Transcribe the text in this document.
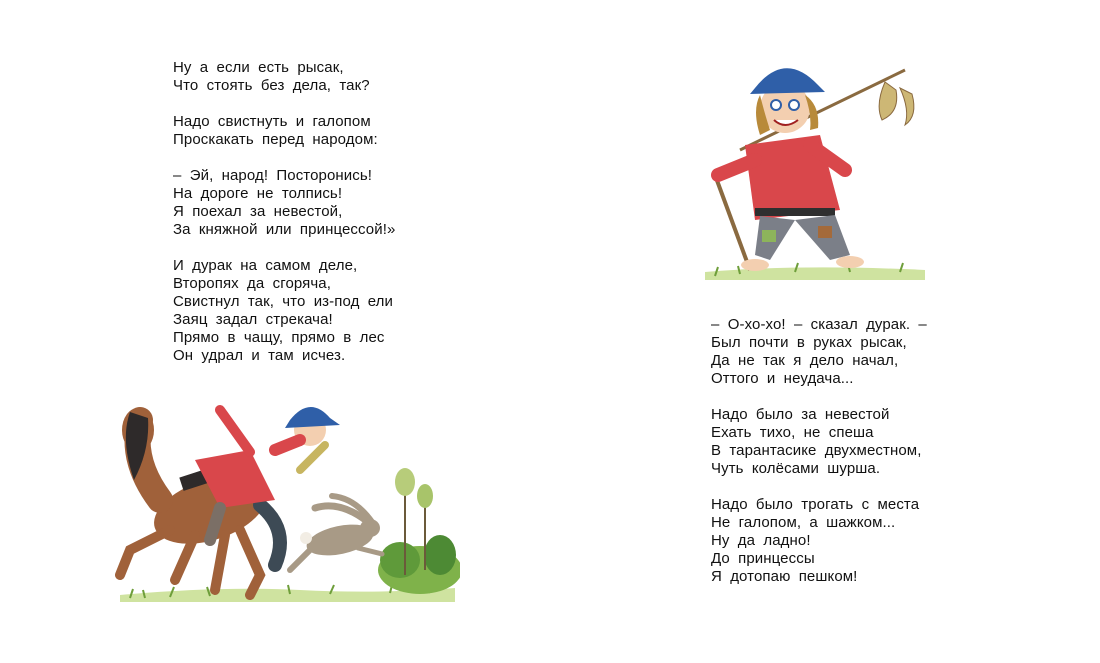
Ну а если есть рысак,
Что стоять без дела, так?
Надо свистнуть и галопом
Проскакать перед народом:
– Эй, народ! Посторонись!
На дороге не толпись!
Я поехал за невестой,
За княжной или принцессой!»
И дурак на самом деле,
Второпях да сгоряча,
Свистнул так, что из-под ели
Заяц задал стрекача!
Прямо в чащу, прямо в лес
Он удрал и там исчез.
– О-хо-хо! – сказал дурак. –
Был почти в руках рысак,
Да не так я дело начал,
Оттого и неудача...
Надо было за невестой
Ехать тихо, не спеша
В тарантасике двухместном,
Чуть колёсами шурша.
Надо было трогать с места
Не галопом, а шажком...
Ну да ладно!
До принцессы
Я дотопаю пешком!
